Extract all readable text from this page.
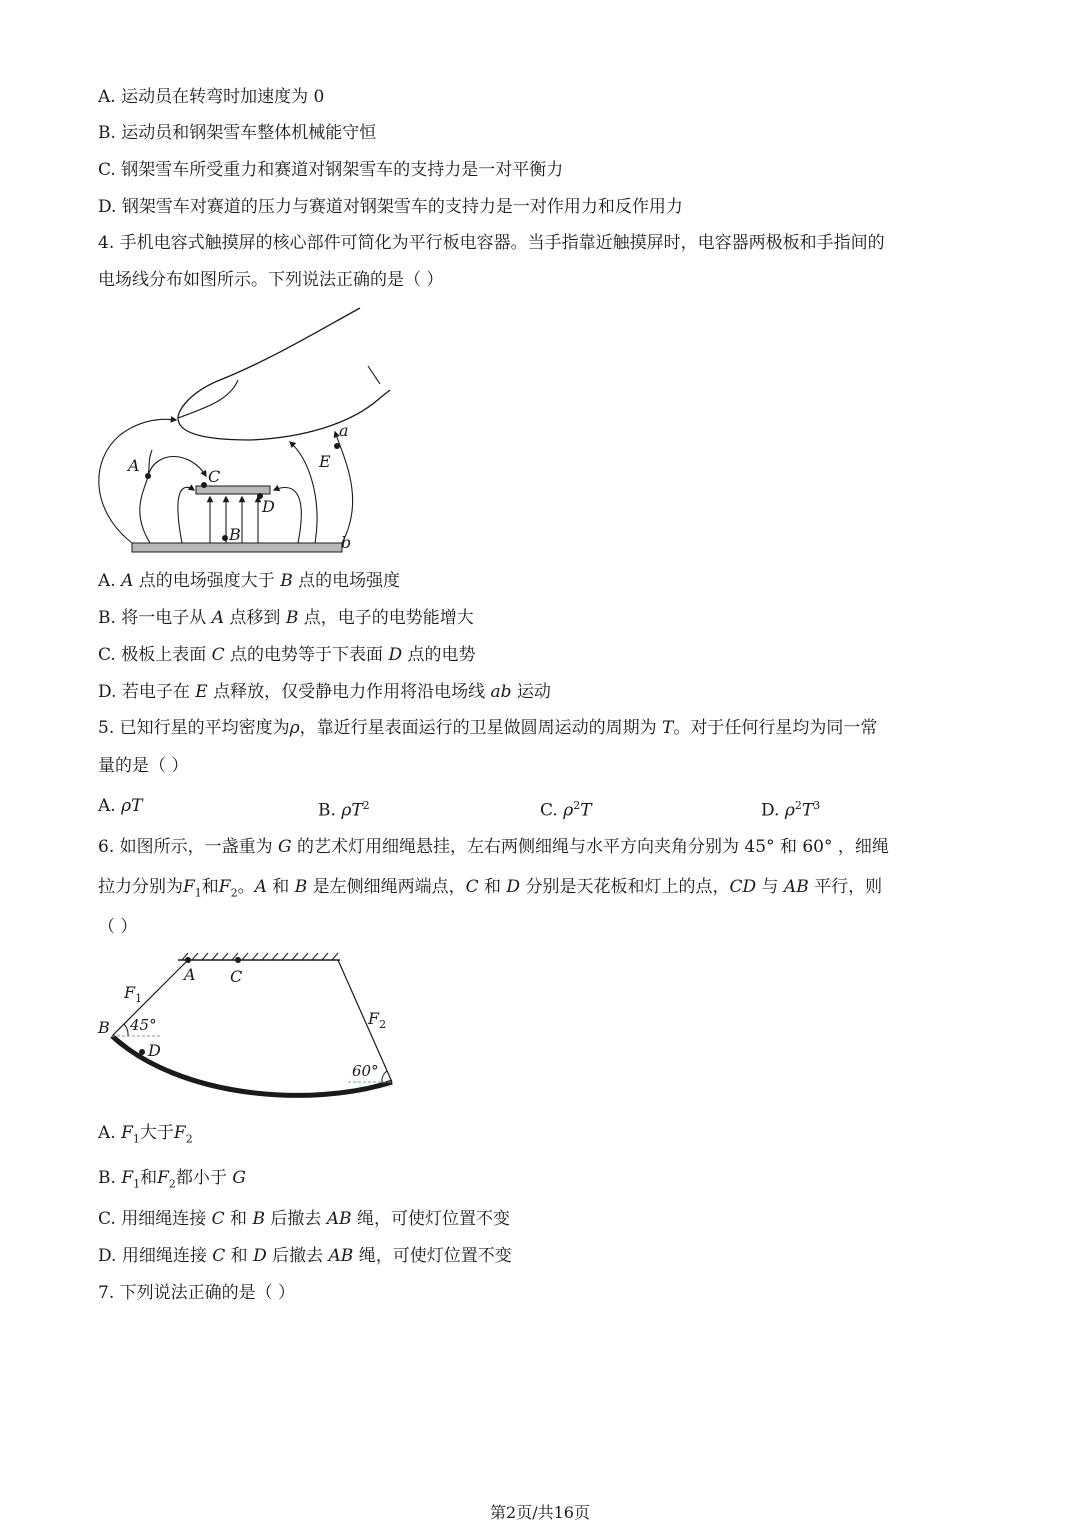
A. 运动员在转弯时加速度为 0
B. 运动员和钢架雪车整体机械能守恒
C. 钢架雪车所受重力和赛道对钢架雪车的支持力是一对平衡力
D. 钢架雪车对赛道的压力与赛道对钢架雪车的支持力是一对作用力和反作用力
4. 手机电容式触摸屏的核心部件可简化为平行板电容器。当手指靠近触摸屏时，电容器两极板和手指间的
电场线分布如图所示。下列说法正确的是（ ）
A
C
D
B
E
a
b
A. A 点的电场强度大于 B 点的电场强度
B. 将一电子从 A 点移到 B 点，电子的电势能增大
C. 极板上表面 C 点的电势等于下表面 D 点的电势
D. 若电子在 E 点释放，仅受静电力作用将沿电场线 ab 运动
5. 已知行星的平均密度为ρ，靠近行星表面运行的卫星做圆周运动的周期为 T。对于任何行星均为同一常
量的是（ ）
A. ρT	B. $\rho T^2$	C. $\rho^2T$	D. $\rho^2T^3$
6. 如图所示，一盏重为 G 的艺术灯用细绳悬挂，左右两侧细绳与水平方向夹角分别为 45° 和 60° ，细绳
拉力分别为$F_1$和$F_2$。A 和 B 是左侧细绳两端点，C 和 D 分别是天花板和灯上的点，CD 与 AB 平行，则
（ ）
A C
B
D
$F_1$
$F_2$
45°
60°
A. $F_1$大于$F_2$
B. $F_1$和$F_2$都小于 G
C. 用细绳连接 C 和 B 后撤去 AB 绳，可使灯位置不变
D. 用细绳连接 C 和 D 后撤去 AB 绳，可使灯位置不变
7. 下列说法正确的是（ ）
第2页/共16页
